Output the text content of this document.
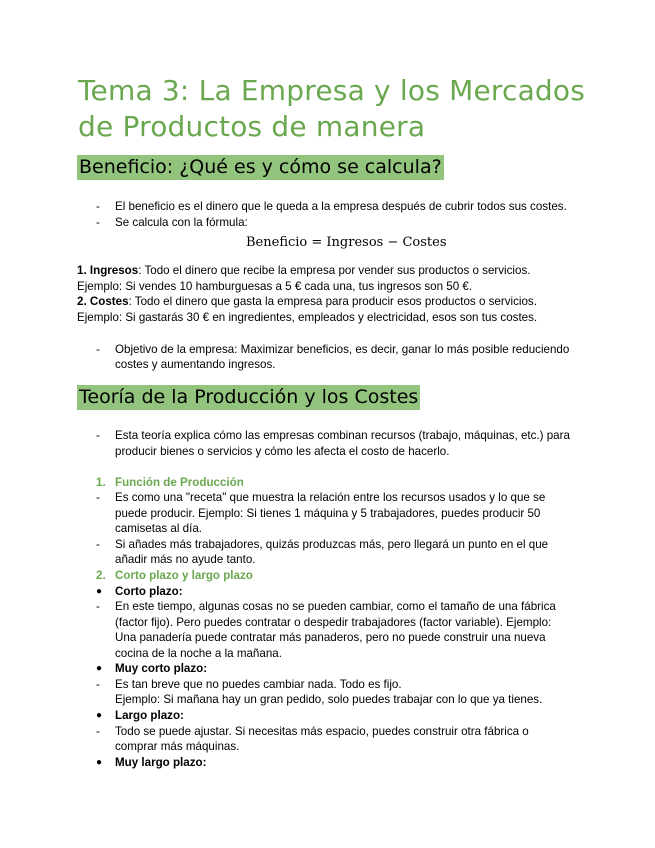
Tema 3: La Empresa y los Mercados
de Productos de manera
Beneficio: ¿Qué es y cómo se calcula?
- El beneficio es el dinero que le queda a la empresa después de cubrir todos sus costes.
- Se calcula con la fórmula:
Beneficio = Ingresos − Costes
1. Ingresos: Todo el dinero que recibe la empresa por vender sus productos o servicios.
Ejemplo: Si vendes 10 hamburguesas a 5 € cada una, tus ingresos son 50 €.
2. Costes: Todo el dinero que gasta la empresa para producir esos productos o servicios.
Ejemplo: Si gastarás 30 € en ingredientes, empleados y electricidad, esos son tus costes.
- Objetivo de la empresa: Maximizar beneficios, es decir, ganar lo más posible reduciendo
costes y aumentando ingresos.
Teoría de la Producción y los Costes
- Esta teoría explica cómo las empresas combinan recursos (trabajo, máquinas, etc.) para
producir bienes o servicios y cómo les afecta el costo de hacerlo.
1. Función de Producción
- Es como una "receta" que muestra la relación entre los recursos usados y lo que se
puede producir. Ejemplo: Si tienes 1 máquina y 5 trabajadores, puedes producir 50
camisetas al día.
- Si añades más trabajadores, quizás produzcas más, pero llegará un punto en el que
añadir más no ayude tanto.
2. Corto plazo y largo plazo
● Corto plazo:
- En este tiempo, algunas cosas no se pueden cambiar, como el tamaño de una fábrica
(factor fijo). Pero puedes contratar o despedir trabajadores (factor variable). Ejemplo:
Una panadería puede contratar más panaderos, pero no puede construir una nueva
cocina de la noche a la mañana.
● Muy corto plazo:
- Es tan breve que no puedes cambiar nada. Todo es fijo.
Ejemplo: Si mañana hay un gran pedido, solo puedes trabajar con lo que ya tienes.
● Largo plazo:
- Todo se puede ajustar. Si necesitas más espacio, puedes construir otra fábrica o
comprar más máquinas.
● Muy largo plazo:
